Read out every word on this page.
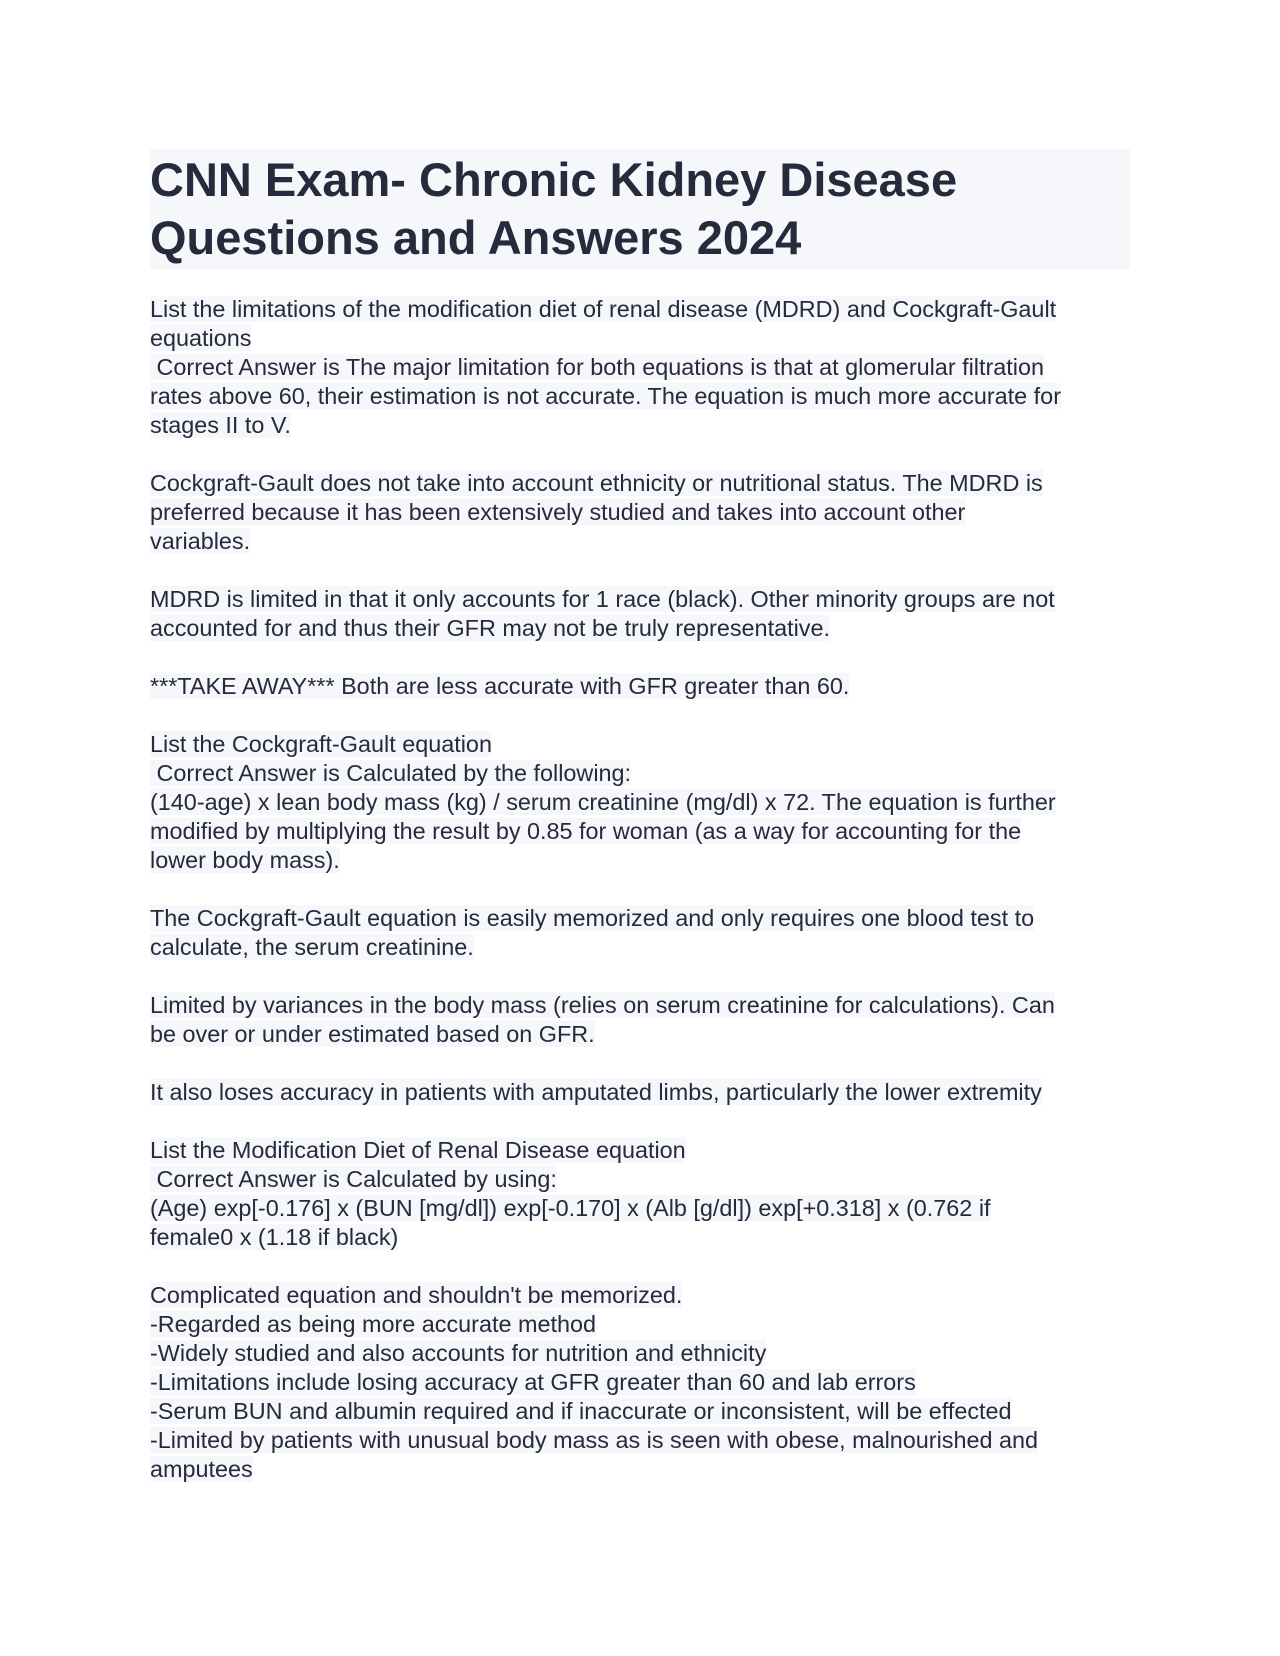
CNN Exam- Chronic Kidney Disease
Questions and Answers 2024
List the limitations of the modification diet of renal disease (MDRD) and Cockgraft-Gault
equations
Correct Answer is The major limitation for both equations is that at glomerular filtration
rates above 60, their estimation is not accurate. The equation is much more accurate for
stages II to V.
Cockgraft-Gault does not take into account ethnicity or nutritional status. The MDRD is
preferred because it has been extensively studied and takes into account other
variables.
MDRD is limited in that it only accounts for 1 race (black). Other minority groups are not
accounted for and thus their GFR may not be truly representative.
***TAKE AWAY*** Both are less accurate with GFR greater than 60.
List the Cockgraft-Gault equation
Correct Answer is Calculated by the following:
(140-age) x lean body mass (kg) / serum creatinine (mg/dl) x 72. The equation is further
modified by multiplying the result by 0.85 for woman (as a way for accounting for the
lower body mass).
The Cockgraft-Gault equation is easily memorized and only requires one blood test to
calculate, the serum creatinine.
Limited by variances in the body mass (relies on serum creatinine for calculations). Can
be over or under estimated based on GFR.
It also loses accuracy in patients with amputated limbs, particularly the lower extremity
List the Modification Diet of Renal Disease equation
Correct Answer is Calculated by using:
(Age) exp[-0.176] x (BUN [mg/dl]) exp[-0.170] x (Alb [g/dl]) exp[+0.318] x (0.762 if
female0 x (1.18 if black)
Complicated equation and shouldn't be memorized.
-Regarded as being more accurate method
-Widely studied and also accounts for nutrition and ethnicity
-Limitations include losing accuracy at GFR greater than 60 and lab errors
-Serum BUN and albumin required and if inaccurate or inconsistent, will be effected
-Limited by patients with unusual body mass as is seen with obese, malnourished and
amputees
